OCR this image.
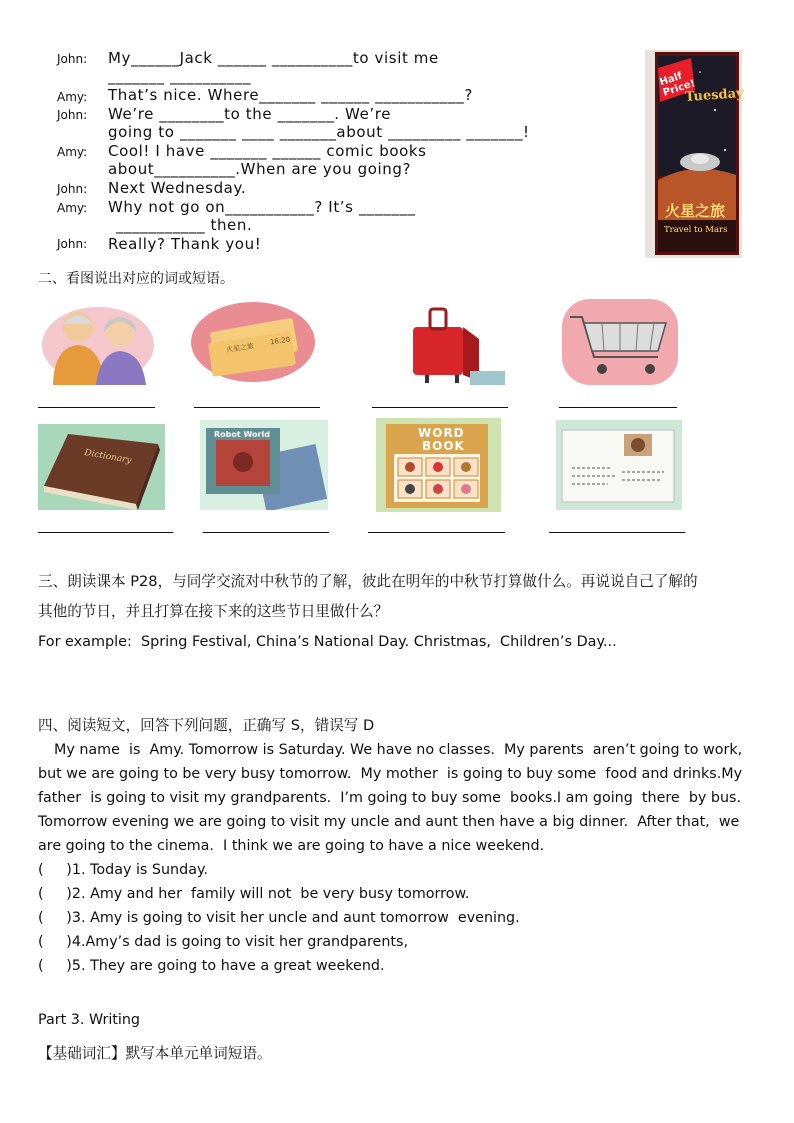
John: My______Jack ______ __________to visit me
_______ __________
Amy: That’s nice. Where_______ ______ ___________?
John: We’re ________to the _______. We’re
going to _______ ____ _______about _________ _______!
Amy: Cool! I have _______ ______ comic books
about__________.When are you going?
John: Next Wednesday.
Amy: Why not go on___________? It’s _______
___________ then.
John: Really? Thank you!
Half Price!
Tuesday
火星之旅
Travel to Mars
二、看图说出对应的词或短语。
火星之旅
16:20
Dictionary
Robot World	WORD
BOOK
三、朗读课本 P28，与同学交流对中秋节的了解，彼此在明年的中秋节打算做什么。再说说自己了解的
其他的节日，并且打算在接下来的这些节日里做什么？
For example:  Spring Festival, China’s National Day. Christmas,  Children’s Day...
四、阅读短文，回答下列问题，正确写 S，错误写 D
My name  is  Amy. Tomorrow is Saturday. We have no classes.  My parents  aren’t going to work,
but we are going to be very busy tomorrow.  My mother  is going to buy some  food and drinks.My
father  is going to visit my grandparents.  I’m going to buy some  books.I am going  there  by bus.
Tomorrow evening we are going to visit my uncle and aunt then have a big dinner.  After that,  we
are going to the cinema.  I think we are going to have a nice weekend.
(     )1. Today is Sunday.
(     )2. Amy and her  family will not  be very busy tomorrow.
(     )3. Amy is going to visit her uncle and aunt tomorrow  evening.
(     )4.Amy’s dad is going to visit her grandparents,
(     )5. They are going to have a great weekend.
Part 3. Writing
【基础词汇】默写本单元单词短语。
